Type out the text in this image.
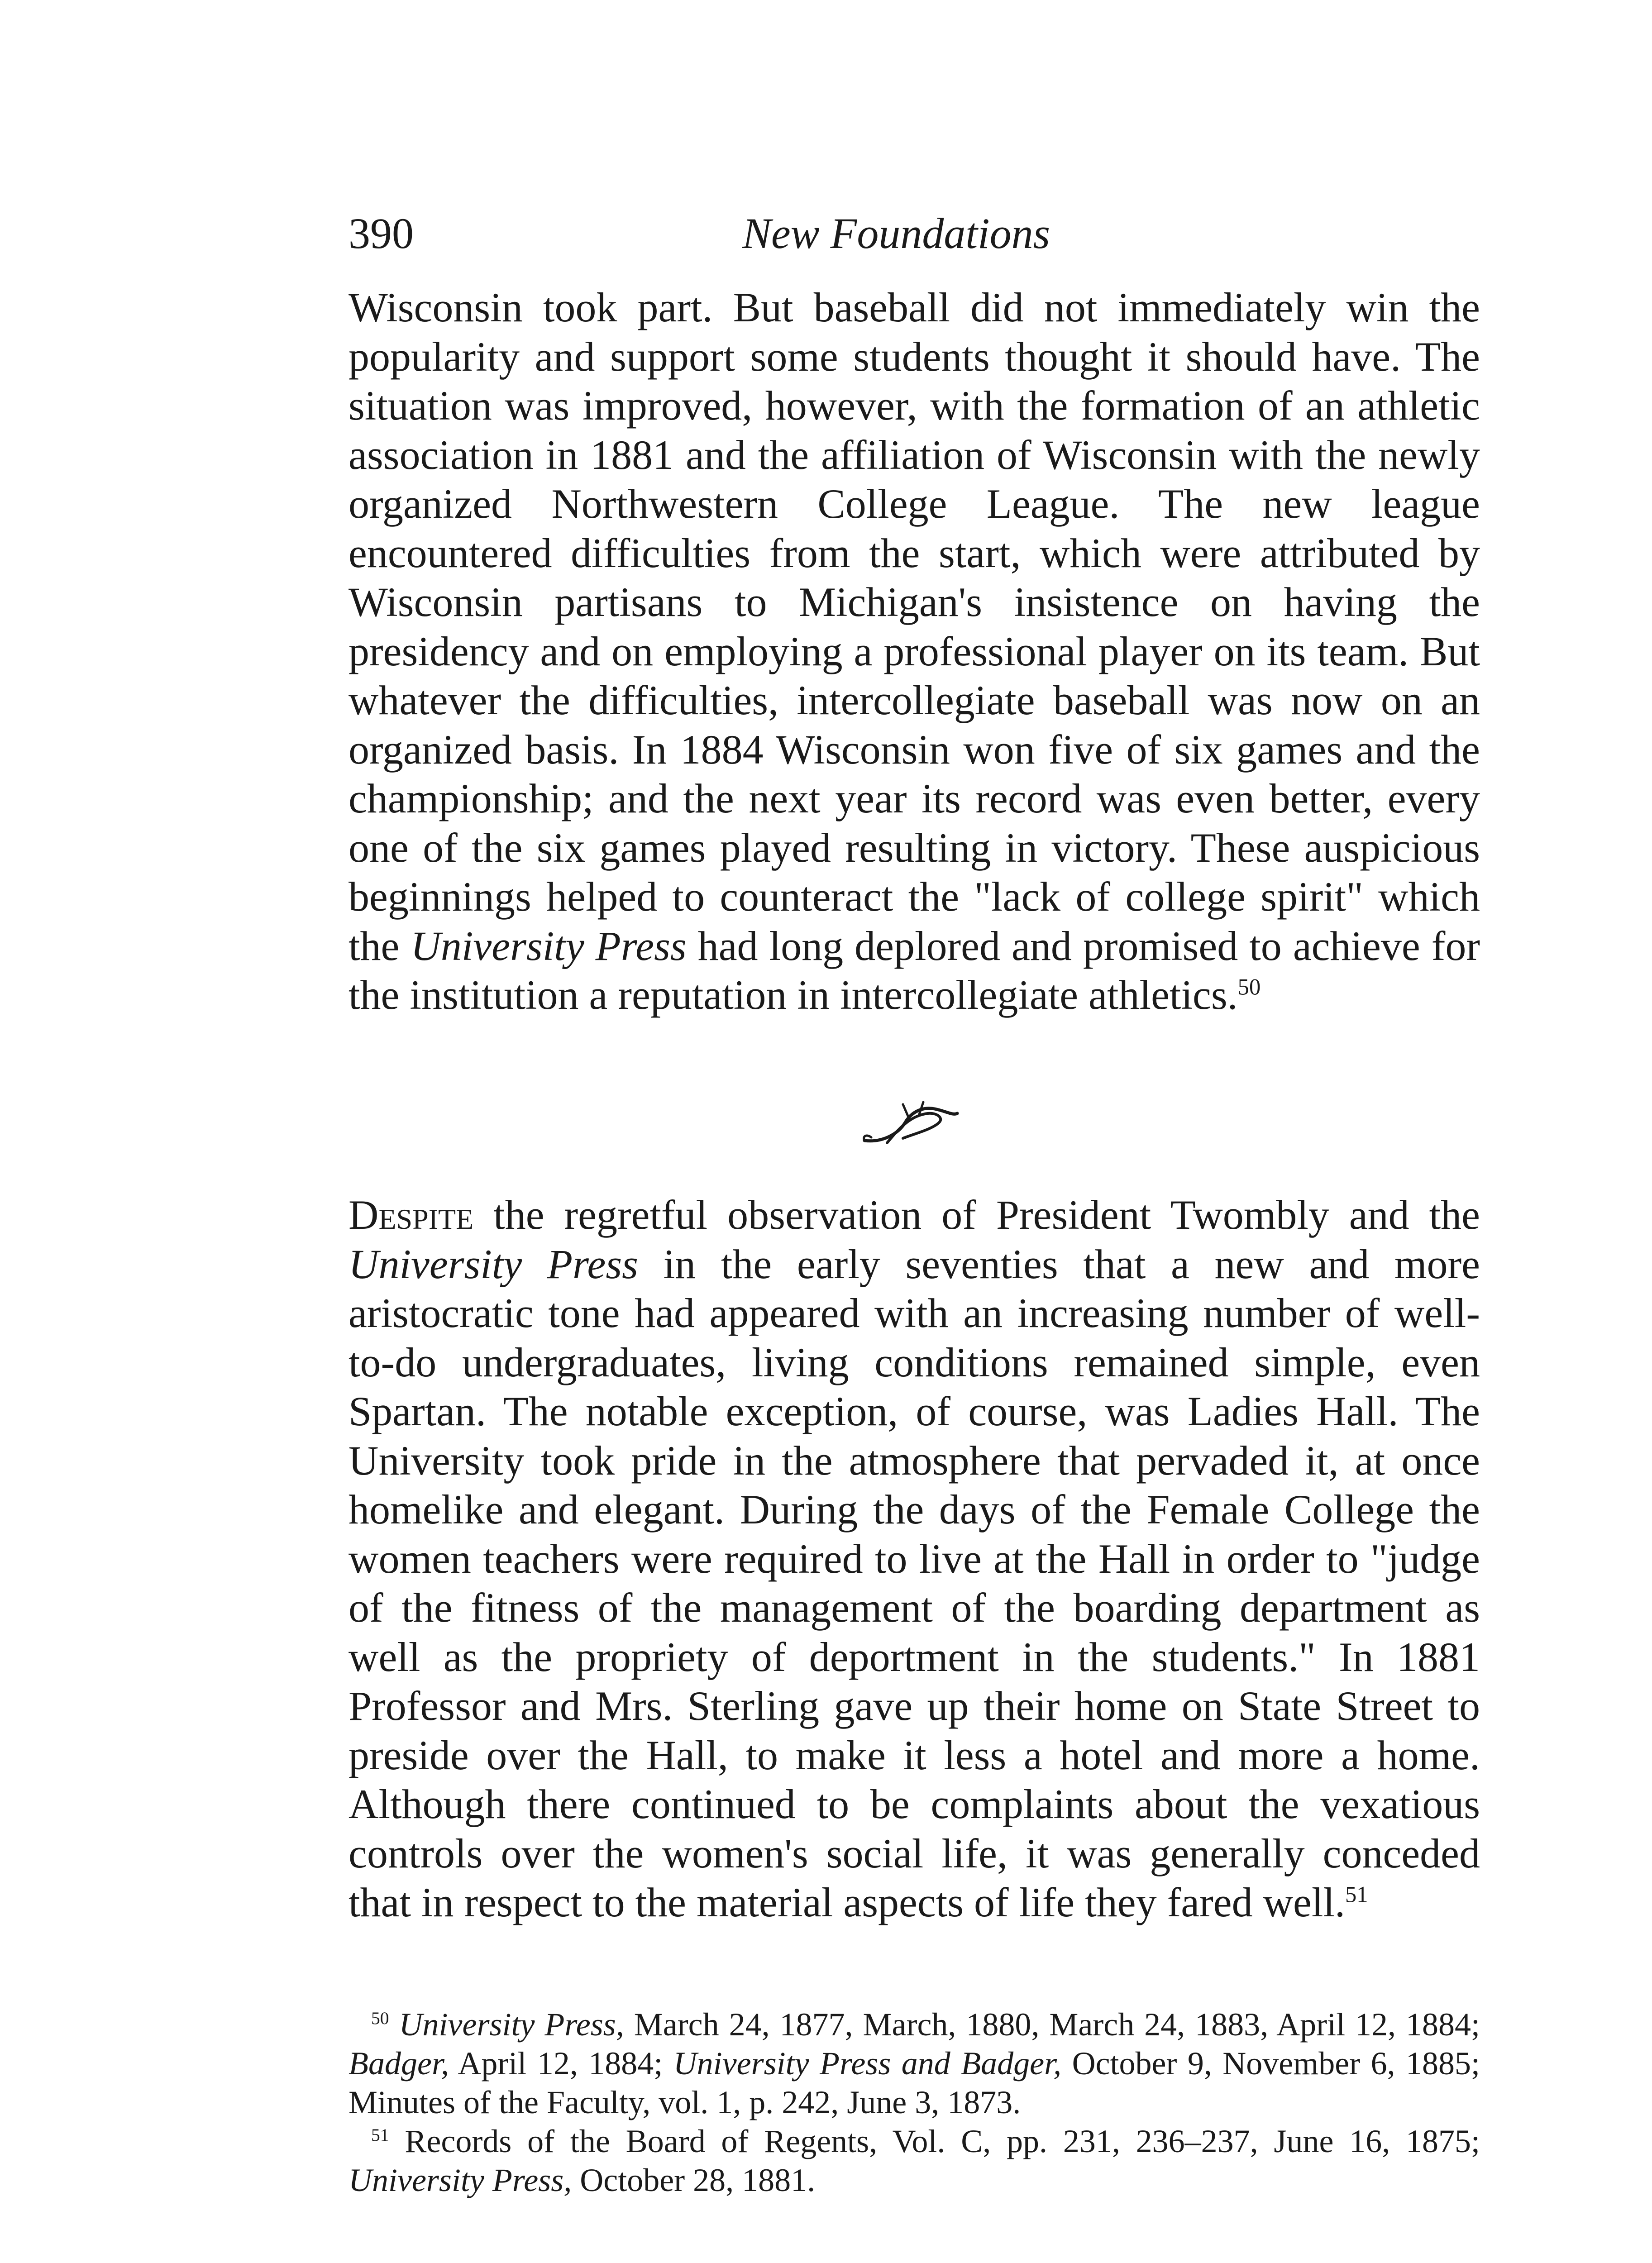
390	New Foundations

Wisconsin took part. But baseball did not immediately win the popularity and support some students thought it should have. The situation was improved, however, with the formation of an athletic association in 1881 and the affiliation of Wisconsin with the newly organized Northwestern College League. The new league encountered difficulties from the start, which were attributed by Wisconsin partisans to Michigan's insistence on having the presidency and on employing a professional player on its team. But whatever the difficulties, intercollegiate baseball was now on an organized basis. In 1884 Wisconsin won five of six games and the championship; and the next year its record was even better, every one of the six games played resulting in victory. These auspicious beginnings helped to counteract the "lack of college spirit" which the University Press had long deplored and promised to achieve for the institution a reputation in intercollegiate athletics.$^{50}$

Despite the regretful observation of President Twombly and the University Press in the early seventies that a new and more aristocratic tone had appeared with an increasing number of well-to-do undergraduates, living conditions remained simple, even Spartan. The notable exception, of course, was Ladies Hall. The University took pride in the atmosphere that pervaded it, at once homelike and elegant. During the days of the Female College the women teachers were required to live at the Hall in order to "judge of the fitness of the management of the boarding department as well as the propriety of deportment in the students." In 1881 Professor and Mrs. Sterling gave up their home on State Street to preside over the Hall, to make it less a hotel and more a home. Although there continued to be complaints about the vexatious controls over the women's social life, it was generally conceded that in respect to the material aspects of life they fared well.$^{51}$

$^{50}$ University Press, March 24, 1877, March, 1880, March 24, 1883, April 12, 1884; Badger, April 12, 1884; University Press and Badger, October 9, November 6, 1885; Minutes of the Faculty, vol. 1, p. 242, June 3, 1873.

$^{51}$ Records of the Board of Regents, Vol. C, pp. 231, 236–237, June 16, 1875; University Press, October 28, 1881.
